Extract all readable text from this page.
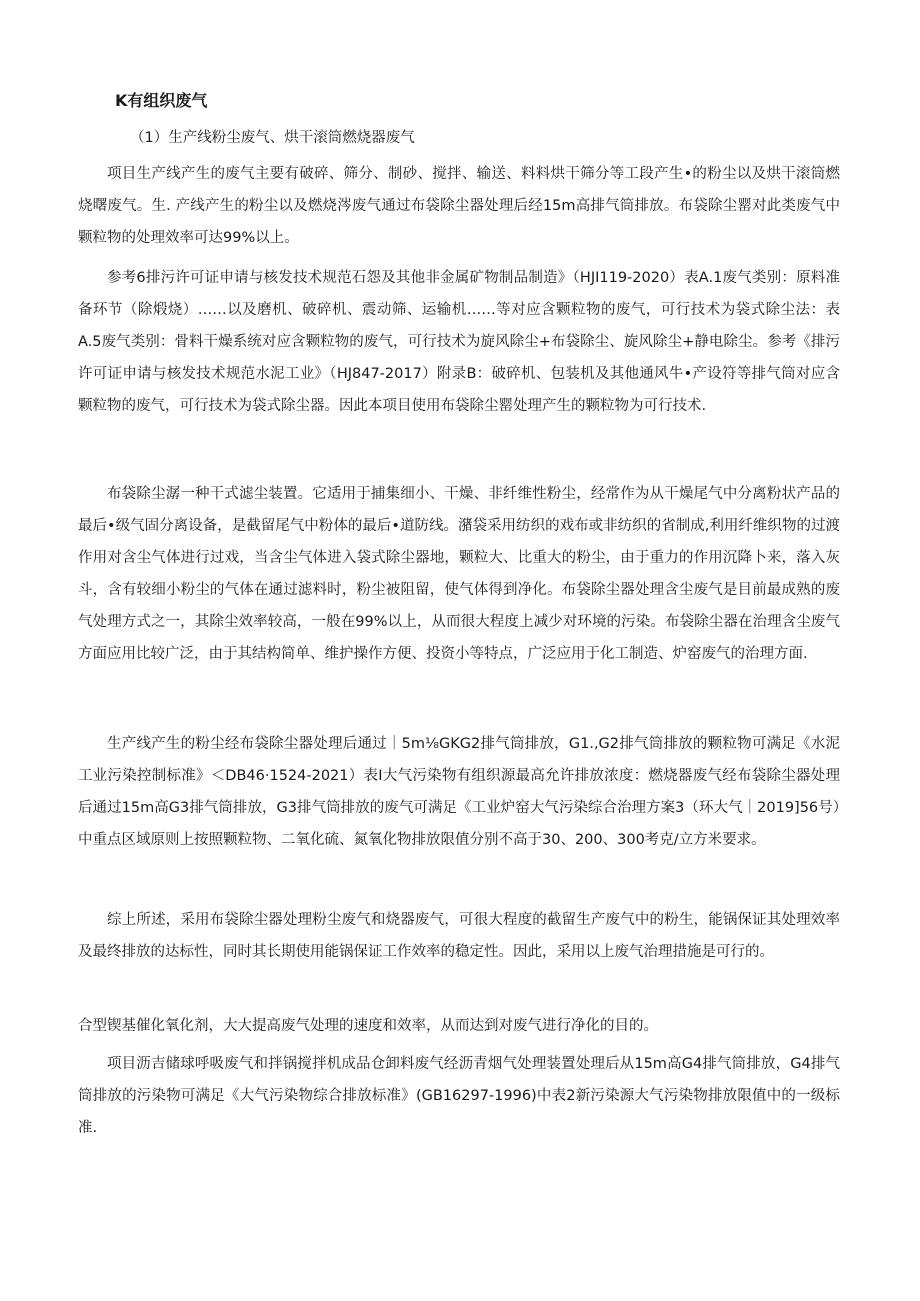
K有组织废气
（1）生产线粉尘废气、烘干滚筒燃烧器废气

项目生产线产生的废气主要有破碎、筛分、制砂、搅拌、输送、料料烘干筛分等工段产生•的粉尘以及烘干滚筒燃烧曙废气。生. 产线产生的粉尘以及燃烧涔废气通过布袋除尘器处理后经15m高排气筒排放。布袋除尘罂对此类废气中颗粒物的处理效率可达99%以上。

参考6排污许可证申请与核发技术规范石怨及其他非金属矿物制品制造》（HJI119-2020）表A.1废气类别：原料准备环节（除煅烧）……以及磨机、破碎机、震动筛、运输机……等对应含颗粒物的废气，可行技术为袋式除尘法：表A.5废气类别：骨料干燥系统对应含颗粒物的废气，可行技术为旋风除尘+布袋除尘、旋风除尘+静电除尘。参考《排污许可证申请与核发技术规范水泥工业》（HJ847-2017）附录B：破碎机、包装机及其他通风牛•产设符等排气筒对应含颗粒物的废气，可行技术为袋式除尘器。因此本项目使用布袋除尘罂处理产生的颗粒物为可行技术.

布袋除尘潺一种干式滤尘装置。它适用于捕集细小、干燥、非纤维性粉尘，经常作为从干燥尾气中分离粉状产品的最后•级气固分离设备，是截留尾气中粉体的最后•道防线。潴袋采用纺织的戏布或非纺织的省制成,利用纤维织物的过渡作用对含尘气体进行过戏，当含尘气体进入袋式除尘器地，颗粒大、比重大的粉尘，由于重力的作用沉降卜来，落入灰斗，含有较细小粉尘的气体在通过滤料时，粉尘被阻留，使气体得到净化。布袋除尘器处理含尘废气是目前最成熟的废气处理方式之一，其除尘效率较高，一般在99%以上，从而很大程度上减少对环境的污染。布袋除尘器在治理含尘废气方面应用比较广泛，由于其结构简单、维护操作方便、投资小等特点，广泛应用于化工制造、炉窑废气的治理方面.

生产线产生的粉尘经布袋除尘器处理后通过｜5m⅛GKG2排气筒排放，G1.,G2排气筒排放的颗粒物可满足《水泥工业污染控制标准》＜DB46·1524-2021）表I大气污染物有组织源最高允许排放浓度：燃烧器废气经布袋除尘器处理后通过15m高G3排气筒排放，G3排气筒排放的废气可满足《工业炉窑大气污染综合治理方案3（环大气｜2019]56号）中重点区域原则上按照颗粒物、二氧化硫、氮氧化物排放限值分别不高于30、200、300考克/立方米要求。

综上所述，采用布袋除尘器处理粉尘废气和烧器废气，可很大程度的截留生产废气中的粉生，能锅保证其处理效率及最终排放的达标性，同时其长期使用能锅保证工作效率的稳定性。因此，采用以上废气治理措施是可行的。

合型锲基催化氧化剂，大大提高废气处理的速度和效率，从而达到对废气进行净化的目的。

项目沥吉储球呼吸废气和拌锅搅拌机成品仓卸料废气经沥青烟气处理装置处理后从15m高G4排气筒排放，G4排气筒排放的污染物可满足《大气污染物综合排放标准》(GB16297-1996)中表2新污染源大气污染物排放限值中的一级标准.
